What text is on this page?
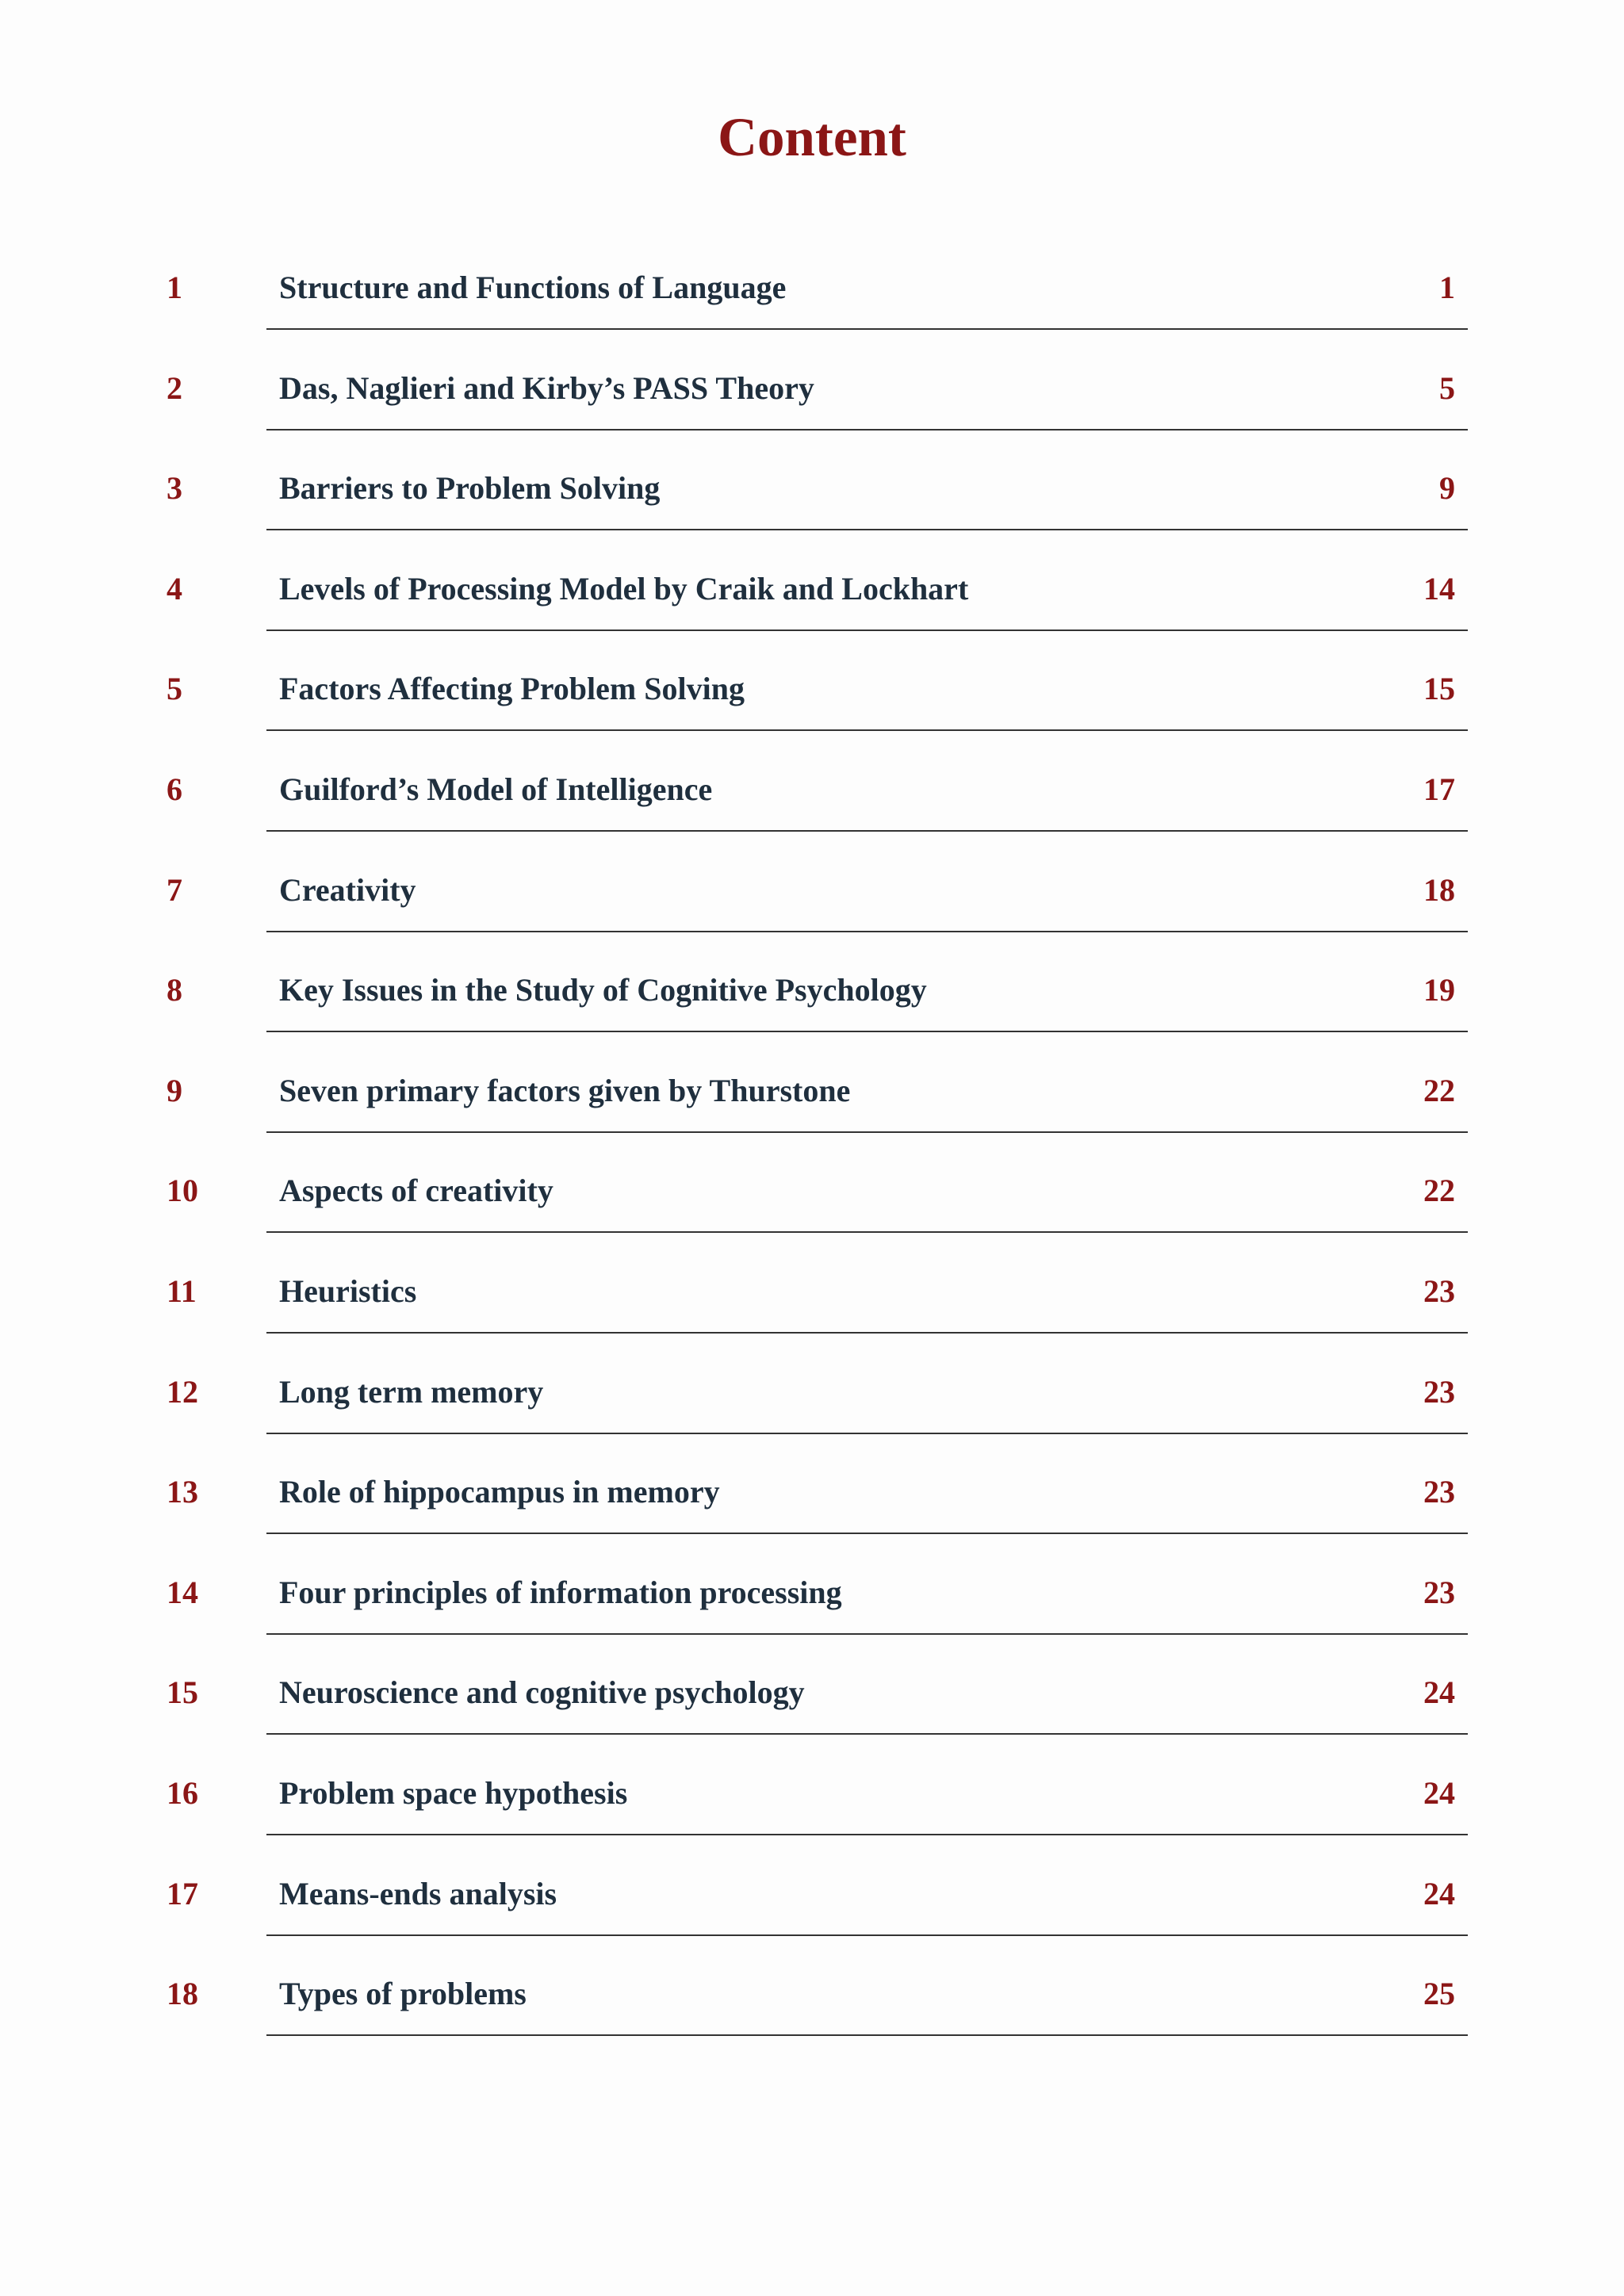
Content
1	Structure and Functions of Language	1
2	Das, Naglieri and Kirby’s PASS Theory	5
3	Barriers to Problem Solving	9
4	Levels of Processing Model by Craik and Lockhart	14
5	Factors Affecting Problem Solving	15
6	Guilford’s Model of Intelligence	17
7	Creativity	18
8	Key Issues in the Study of Cognitive Psychology	19
9	Seven primary factors given by Thurstone	22
10	Aspects of creativity	22
11	Heuristics	23
12	Long term memory	23
13	Role of hippocampus in memory	23
14	Four principles of information processing	23
15	Neuroscience and cognitive psychology	24
16	Problem space hypothesis	24
17	Means-ends analysis	24
18	Types of problems	25
